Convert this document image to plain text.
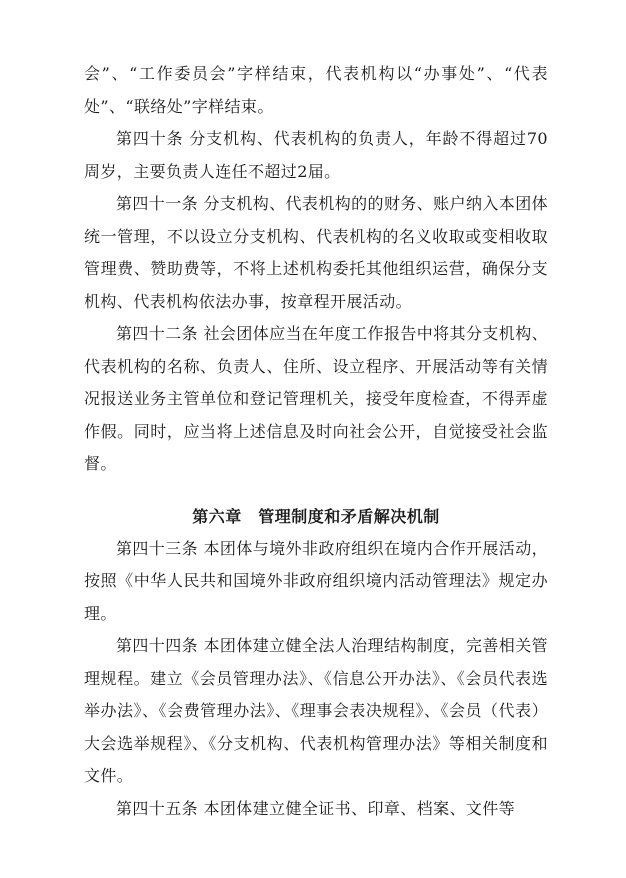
会”、“工作委员会”字样结束，代表机构以“办事处”、“代表处”、“联络处”字样结束。

第四十条 分支机构、代表机构的负责人，年龄不得超过70周岁，主要负责人连任不超过2届。

第四十一条 分支机构、代表机构的的财务、账户纳入本团体统一管理，不以设立分支机构、代表机构的名义收取或变相收取管理费、赞助费等，不将上述机构委托其他组织运营，确保分支机构、代表机构依法办事，按章程开展活动。

第四十二条 社会团体应当在年度工作报告中将其分支机构、代表机构的名称、负责人、住所、设立程序、开展活动等有关情况报送业务主管单位和登记管理机关，接受年度检查，不得弄虚作假。同时，应当将上述信息及时向社会公开，自觉接受社会监督。

第六章　管理制度和矛盾解决机制

第四十三条 本团体与境外非政府组织在境内合作开展活动，按照《中华人民共和国境外非政府组织境内活动管理法》规定办理。

第四十四条 本团体建立健全法人治理结构制度，完善相关管理规程。建立《会员管理办法》、《信息公开办法》、《会员代表选举办法》、《会费管理办法》、《理事会表决规程》、《会员（代表）大会选举规程》、《分支机构、代表机构管理办法》等相关制度和文件。

第四十五条 本团体建立健全证书、印章、档案、文件等
